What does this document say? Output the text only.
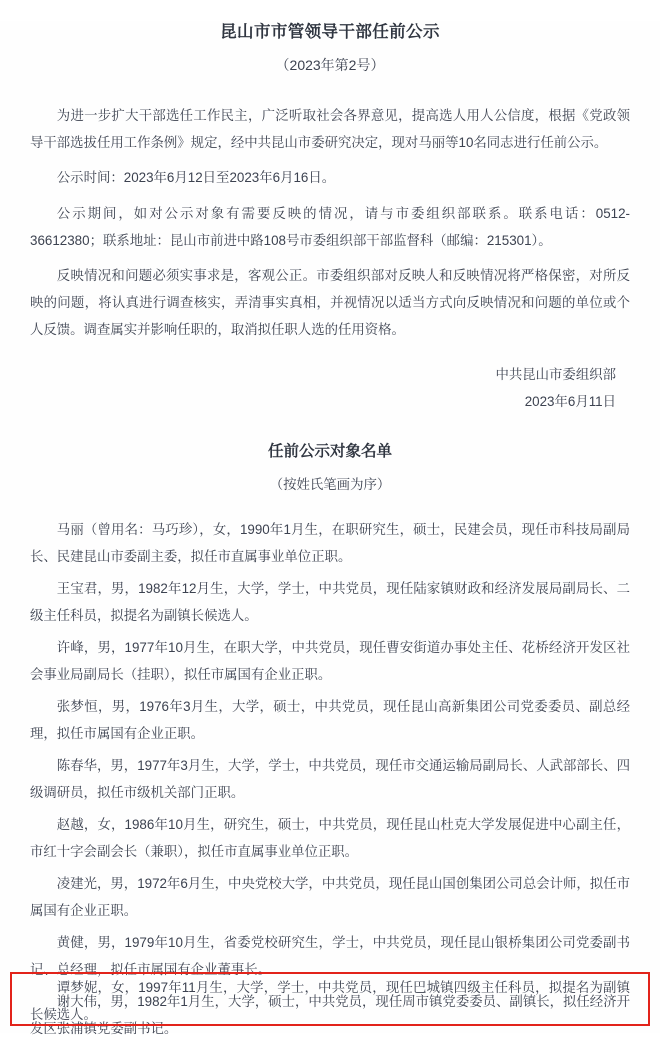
昆山市市管领导干部任前公示
（2023年第2号）

为进一步扩大干部选任工作民主，广泛听取社会各界意见，提高选人用人公信度，根据《党政领导干部选拔任用工作条例》规定，经中共昆山市委研究决定，现对马丽等10名同志进行任前公示。

公示时间：2023年6月12日至2023年6月16日。

公示期间，如对公示对象有需要反映的情况，请与市委组织部联系。联系电话：0512-36612380；联系地址：昆山市前进中路108号市委组织部干部监督科（邮编：215301）。

反映情况和问题必须实事求是，客观公正。市委组织部对反映人和反映情况将严格保密，对所反映的问题，将认真进行调查核实，弄清事实真相，并视情况以适当方式向反映情况和问题的单位或个人反馈。调查属实并影响任职的，取消拟任职人选的任用资格。

中共昆山市委组织部
2023年6月11日
任前公示对象名单
（按姓氏笔画为序）

马丽（曾用名：马巧珍），女，1990年1月生，在职研究生，硕士，民建会员，现任市科技局副局长、民建昆山市委副主委，拟任市直属事业单位正职。

王宝君，男，1982年12月生，大学，学士，中共党员，现任陆家镇财政和经济发展局副局长、二级主任科员，拟提名为副镇长候选人。

许峰，男，1977年10月生，在职大学，中共党员，现任曹安街道办事处主任、花桥经济开发区社会事业局副局长（挂职），拟任市属国有企业正职。

张梦恒，男，1976年3月生，大学，硕士，中共党员，现任昆山高新集团公司党委委员、副总经理，拟任市属国有企业正职。

陈春华，男，1977年3月生，大学，学士，中共党员，现任市交通运输局副局长、人武部部长、四级调研员，拟任市级机关部门正职。

赵越，女，1986年10月生，研究生，硕士，中共党员，现任昆山杜克大学发展促进中心副主任，市红十字会副会长（兼职），拟任市直属事业单位正职。

凌建光，男，1972年6月生，中央党校大学，中共党员，现任昆山国创集团公司总会计师，拟任市属国有企业正职。

黄健，男，1979年10月生，省委党校研究生，学士，中共党员，现任昆山银桥集团公司党委副书记、总经理，拟任市属国有企业董事长。

谢大伟，男，1982年1月生，大学，硕士，中共党员，现任周市镇党委委员、副镇长，拟任经济开发区张浦镇党委副书记。

谭梦妮，女，1997年11月生，大学，学士，中共党员，现任巴城镇四级主任科员，拟提名为副镇长候选人。
